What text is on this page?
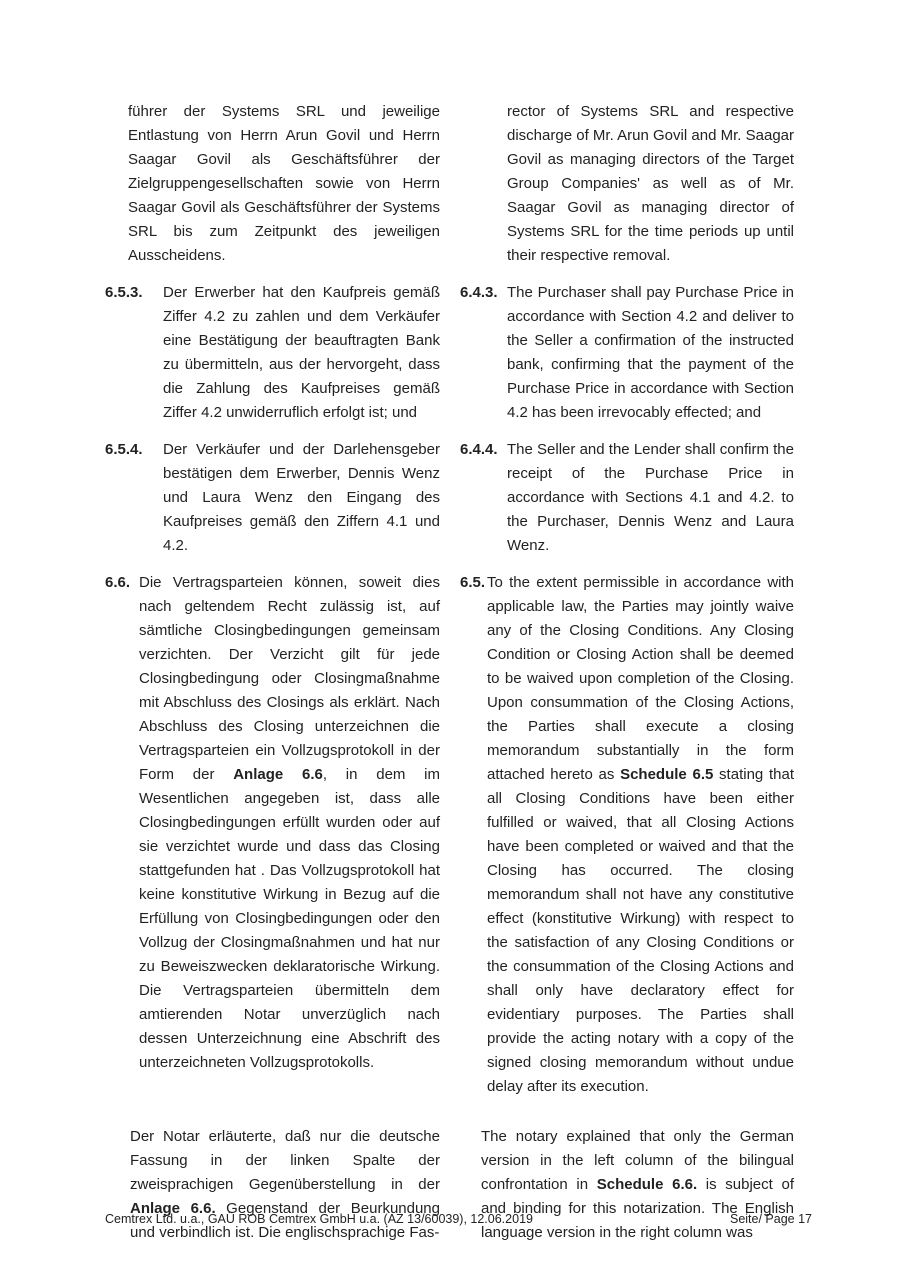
führer der Systems SRL und jeweilige Entlastung von Herrn Arun Govil und Herrn Saagar Govil als Geschäftsführer der Zielgruppengesellschaften sowie von Herrn Saagar Govil als Geschäftsführer der Systems SRL bis zum Zeitpunkt des jeweiligen Ausscheidens.
rector of Systems SRL and respective discharge of Mr. Arun Govil and Mr. Saagar Govil as managing directors of the Target Group Companies' as well as of Mr. Saagar Govil as managing director of Systems SRL for the time periods up until their respective removal.
6.5.3. Der Erwerber hat den Kaufpreis gemäß Ziffer 4.2 zu zahlen und dem Verkäufer eine Bestätigung der beauftragten Bank zu übermitteln, aus der hervorgeht, dass die Zahlung des Kaufpreises gemäß Ziffer 4.2 unwiderruflich erfolgt ist; und
6.4.3. The Purchaser shall pay Purchase Price in accordance with Section 4.2 and deliver to the Seller a confirmation of the instructed bank, confirming that the payment of the Purchase Price in accordance with Section 4.2 has been irrevocably effected; and
6.5.4. Der Verkäufer und der Darlehensgeber bestätigen dem Erwerber, Dennis Wenz und Laura Wenz den Eingang des Kaufpreises gemäß den Ziffern 4.1 und 4.2.
6.4.4. The Seller and the Lender shall confirm the receipt of the Purchase Price in accordance with Sections 4.1 and 4.2. to the Purchaser, Dennis Wenz and Laura Wenz.
6.6. Die Vertragsparteien können, soweit dies nach geltendem Recht zulässig ist, auf sämtliche Closingbedingungen gemeinsam verzichten. Der Verzicht gilt für jede Closingbedingung oder Closingmaßnahme mit Abschluss des Closings als erklärt. Nach Abschluss des Closing unterzeichnen die Vertragsparteien ein Vollzugsprotokoll in der Form der Anlage 6.6, in dem im Wesentlichen angegeben ist, dass alle Closingbedingungen erfüllt wurden oder auf sie verzichtet wurde und dass das Closing stattgefunden hat . Das Vollzugsprotokoll hat keine konstitutive Wirkung in Bezug auf die Erfüllung von Closingbedingungen oder den Vollzug der Closingmaßnahmen und hat nur zu Beweiszwecken deklaratorische Wirkung. Die Vertragsparteien übermitteln dem amtierenden Notar unverzüglich nach dessen Unterzeichnung eine Abschrift des unterzeichneten Vollzugsprotokolls.
6.5. To the extent permissible in accordance with applicable law, the Parties may jointly waive any of the Closing Conditions. Any Closing Condition or Closing Action shall be deemed to be waived upon completion of the Closing. Upon consummation of the Closing Actions, the Parties shall execute a closing memorandum substantially in the form attached hereto as Schedule 6.5 stating that all Closing Conditions have been either fulfilled or waived, that all Closing Actions have been completed or waived and that the Closing has occurred. The closing memorandum shall not have any constitutive effect (konstitutive Wirkung) with respect to the satisfaction of any Closing Conditions or the consummation of the Closing Actions and shall only have declaratory effect for evidentiary purposes. The Parties shall provide the acting notary with a copy of the signed closing memorandum without undue delay after its execution.
Der Notar erläuterte, daß nur die deutsche Fassung in der linken Spalte der zweisprachigen Gegenüberstellung in der Anlage 6.6. Gegenstand der Beurkundung und verbindlich ist. Die englischsprachige Fas-
The notary explained that only the German version in the left column of the bilingual confrontation in Schedule 6.6. is subject of and binding for this notarization. The English language version in the right column was
Cemtrex Ltd. u.a., GAÜ ROB Cemtrex GmbH u.a. (AZ 13/60039), 12.06.2019	Seite/ Page 17
